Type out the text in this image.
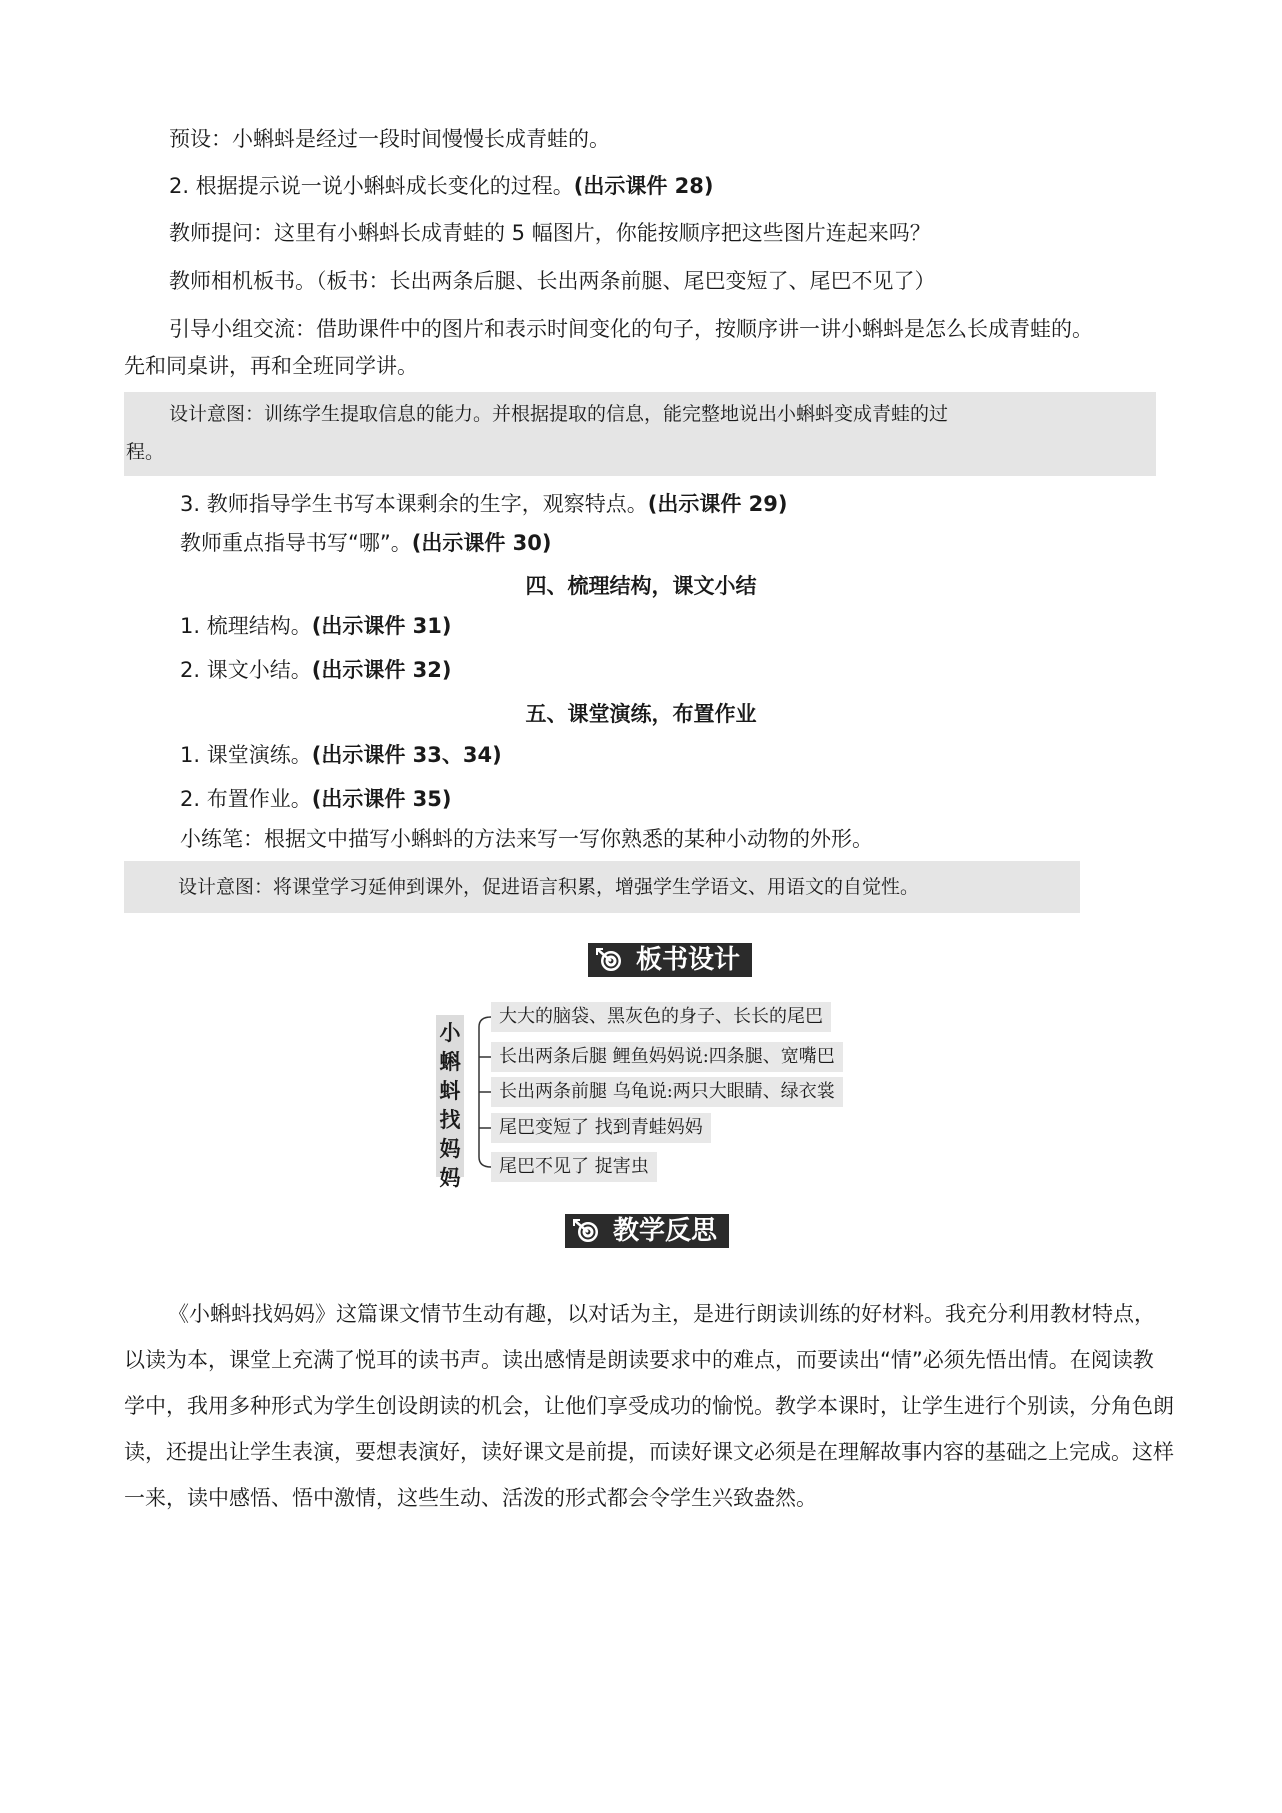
预设：小蝌蚪是经过一段时间慢慢长成青蛙的。
2. 根据提示说一说小蝌蚪成长变化的过程。(出示课件 28)
教师提问：这里有小蝌蚪长成青蛙的 5 幅图片，你能按顺序把这些图片连起来吗？
教师相机板书。（板书：长出两条后腿、长出两条前腿、尾巴变短了、尾巴不见了）
引导小组交流：借助课件中的图片和表示时间变化的句子，按顺序讲一讲小蝌蚪是怎么长成青蛙的。
先和同桌讲，再和全班同学讲。
设计意图：训练学生提取信息的能力。并根据提取的信息，能完整地说出小蝌蚪变成青蛙的过
程。
3. 教师指导学生书写本课剩余的生字，观察特点。(出示课件 29)
教师重点指导书写“哪”。(出示课件 30)
四、梳理结构，课文小结
1. 梳理结构。(出示课件 31)
2. 课文小结。(出示课件 32)
五、课堂演练，布置作业
1. 课堂演练。(出示课件 33、34)
2. 布置作业。(出示课件 35)
小练笔：根据文中描写小蝌蚪的方法来写一写你熟悉的某种小动物的外形。
设计意图：将课堂学习延伸到课外，促进语言积累，增强学生学语文、用语文的自觉性。
板书设计
小
蝌
蚪
找
妈
妈
大大的脑袋、黑灰色的身子、长长的尾巴
长出两条后腿 鲤鱼妈妈说:四条腿、宽嘴巴
长出两条前腿 乌龟说:两只大眼睛、绿衣裳
尾巴变短了 找到青蛙妈妈
尾巴不见了 捉害虫
教学反思
《小蝌蚪找妈妈》这篇课文情节生动有趣，以对话为主，是进行朗读训练的好材料。我充分利用教材特点，以读为本，课堂上充满了悦耳的读书声。读出感情是朗读要求中的难点，而要读出“情”必须先悟出情。在阅读教学中，我用多种形式为学生创设朗读的机会，让他们享受成功的愉悦。教学本课时，让学生进行个别读，分角色朗读，还提出让学生表演，要想表演好，读好课文是前提，而读好课文必须是在理解故事内容的基础之上完成。这样一来，读中感悟、悟中激情，这些生动、活泼的形式都会令学生兴致盎然。
